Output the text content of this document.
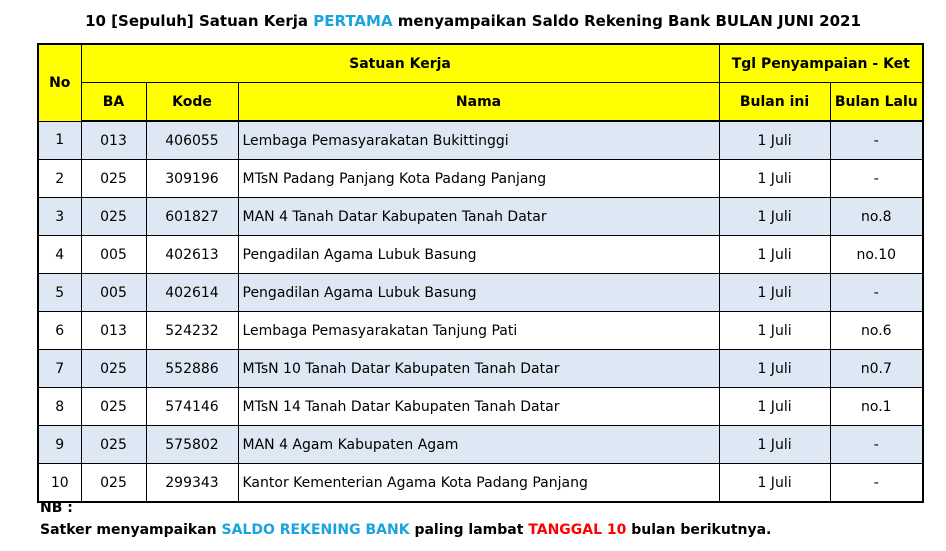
10 [Sepuluh] Satuan Kerja PERTAMA menyampaikan Saldo Rekening Bank BULAN JUNI 2021
No	Satuan Kerja			Tgl Penyampaian - Ket	
	BA	Kode	Nama	Bulan ini	Bulan Lalu
1	013	406055	Lembaga Pemasyarakatan Bukittinggi	1 Juli	-
2	025	309196	MTsN Padang Panjang Kota Padang Panjang	1 Juli	-
3	025	601827	MAN 4 Tanah Datar Kabupaten Tanah Datar	1 Juli	no.8
4	005	402613	Pengadilan Agama Lubuk Basung	1 Juli	no.10
5	005	402614	Pengadilan Agama Lubuk Basung	1 Juli	-
6	013	524232	Lembaga Pemasyarakatan Tanjung Pati	1 Juli	no.6
7	025	552886	MTsN 10 Tanah Datar Kabupaten Tanah Datar	1 Juli	n0.7
8	025	574146	MTsN 14 Tanah Datar Kabupaten Tanah Datar	1 Juli	no.1
9	025	575802	MAN 4 Agam Kabupaten Agam	1 Juli	-
10	025	299343	Kantor Kementerian Agama Kota Padang Panjang	1 Juli	-
NB :
Satker menyampaikan SALDO REKENING BANK paling lambat TANGGAL 10 bulan berikutnya.
